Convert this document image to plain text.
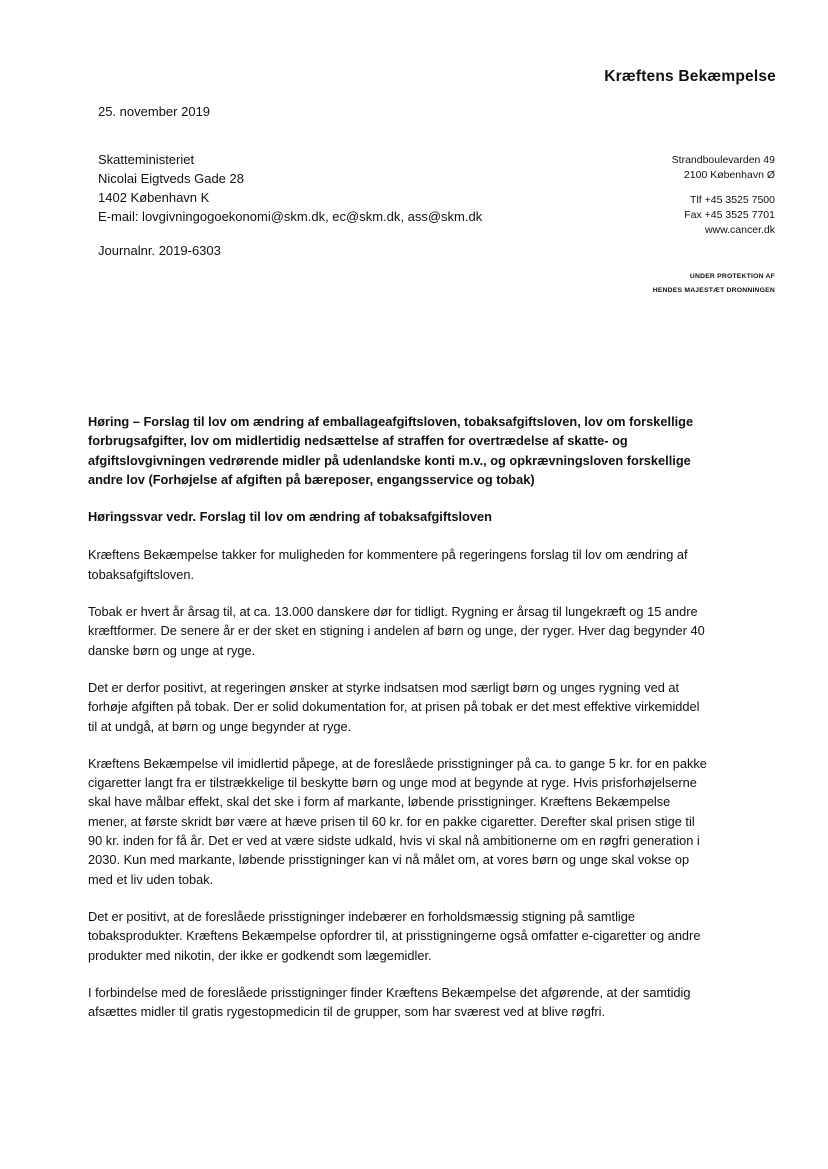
Kræftens Bekæmpelse
25. november 2019
Skatteministeriet
Nicolai Eigtveds Gade 28
1402 København K
E-mail: lovgivningogoekonomi@skm.dk, ec@skm.dk, ass@skm.dk
Journalnr. 2019-6303
Strandboulevarden 49
2100 København Ø
Tlf +45 3525 7500
Fax +45 3525 7701
www.cancer.dk
UNDER PROTEKTION AF
HENDES MAJESTÆT DRONNINGEN

Høring – Forslag til lov om ændring af emballageafgiftsloven, tobaksafgiftsloven, lov om forskellige forbrugsafgifter, lov om midlertidig nedsættelse af straffen for overtrædelse af skatte- og afgiftslovgivningen vedrørende midler på udenlandske konti m.v., og opkrævningsloven forskellige andre lov (Forhøjelse af afgiften på bæreposer, engangsservice og tobak)

Høringssvar vedr. Forslag til lov om ændring af tobaksafgiftsloven

Kræftens Bekæmpelse takker for muligheden for kommentere på regeringens forslag til lov om ændring af tobaksafgiftsloven.

Tobak er hvert år årsag til, at ca. 13.000 danskere dør for tidligt. Rygning er årsag til lungekræft og 15 andre kræftformer. De senere år er der sket en stigning i andelen af børn og unge, der ryger. Hver dag begynder 40 danske børn og unge at ryge.

Det er derfor positivt, at regeringen ønsker at styrke indsatsen mod særligt børn og unges rygning ved at forhøje afgiften på tobak. Der er solid dokumentation for, at prisen på tobak er det mest effektive virkemiddel til at undgå, at børn og unge begynder at ryge.

Kræftens Bekæmpelse vil imidlertid påpege, at de foreslåede prisstigninger på ca. to gange 5 kr. for en pakke cigaretter langt fra er tilstrækkelige til beskytte børn og unge mod at begynde at ryge. Hvis prisforhøjelserne skal have målbar effekt, skal det ske i form af markante, løbende prisstigninger. Kræftens Bekæmpelse mener, at første skridt bør være at hæve prisen til 60 kr. for en pakke cigaretter. Derefter skal prisen stige til 90 kr. inden for få år. Det er ved at være sidste udkald, hvis vi skal nå ambitionerne om en røgfri generation i 2030. Kun med markante, løbende prisstigninger kan vi nå målet om, at vores børn og unge skal vokse op med et liv uden tobak.

Det er positivt, at de foreslåede prisstigninger indebærer en forholdsmæssig stigning på samtlige tobaksprodukter. Kræftens Bekæmpelse opfordrer til, at prisstigningerne også omfatter e-cigaretter og andre produkter med nikotin, der ikke er godkendt som lægemidler.

I forbindelse med de foreslåede prisstigninger finder Kræftens Bekæmpelse det afgørende, at der samtidig afsættes midler til gratis rygestopmedicin til de grupper, som har sværest ved at blive røgfri.
